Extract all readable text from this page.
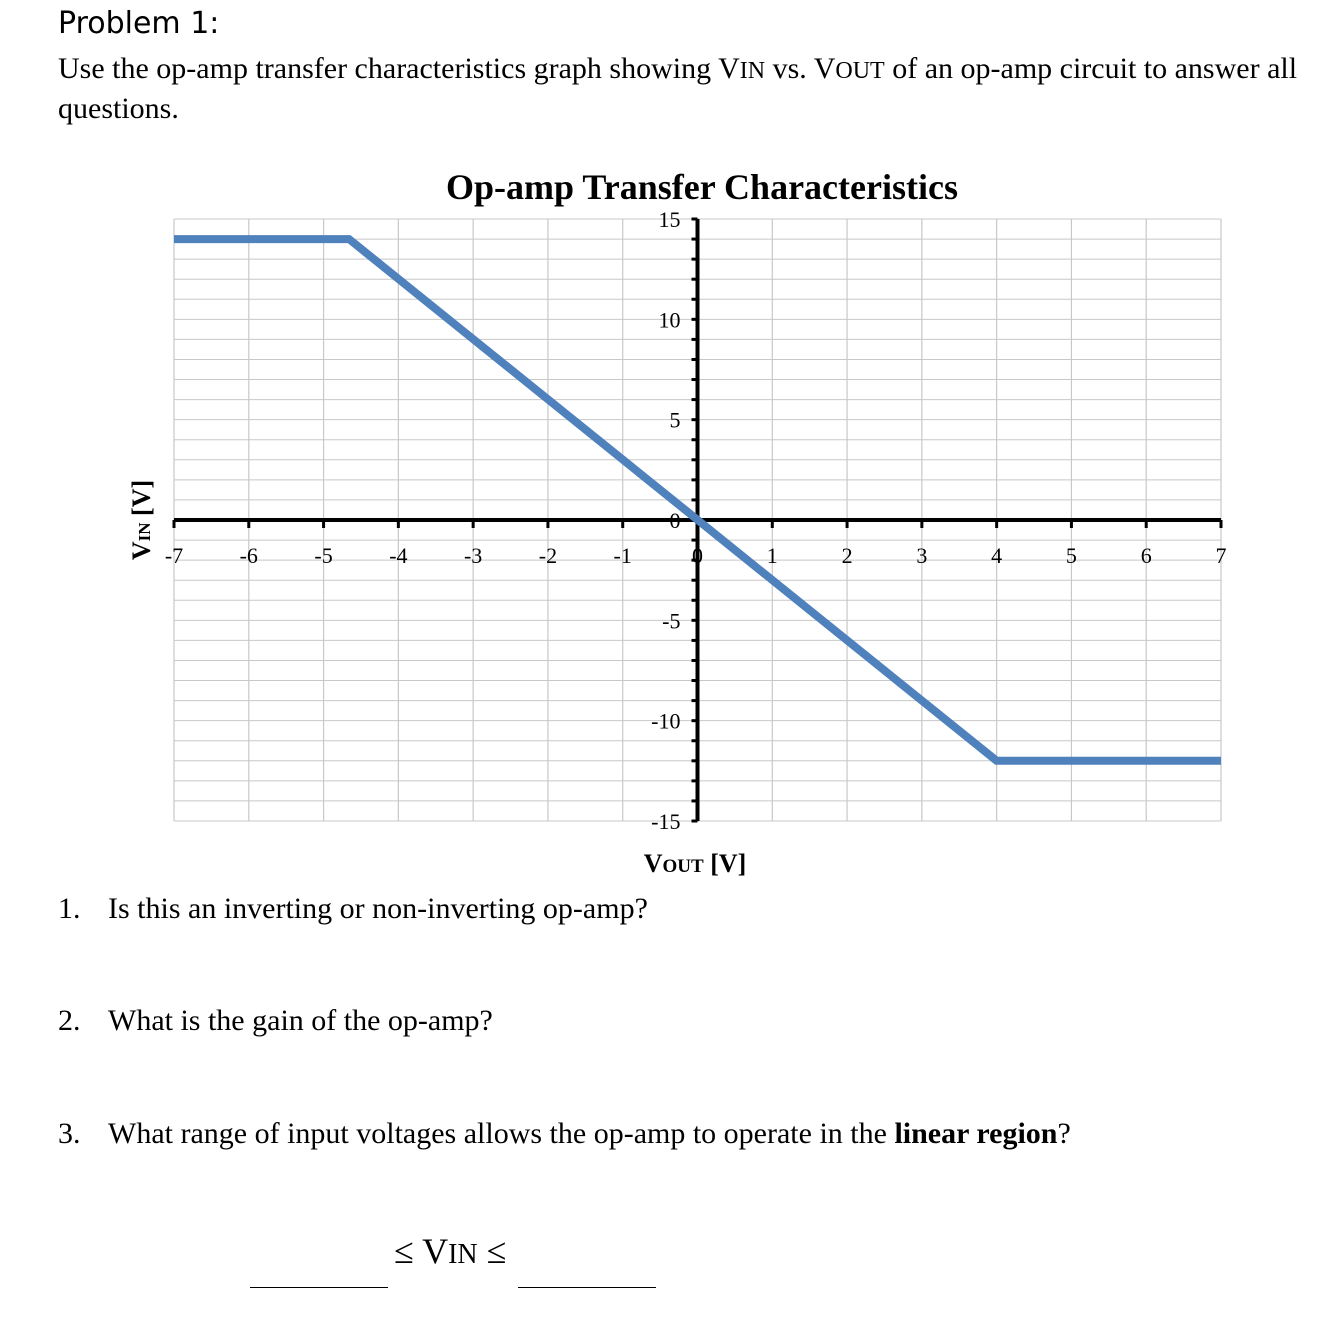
Problem 1:
Use the op-amp transfer characteristics graph showing VIN vs. VOUT of an op-amp circuit to answer all questions.
Op-amp Transfer Characteristics
-7	-6	-5	-4	-3	-2	-1	0	1	2	3	4	5	6	7
15
10
5
0
-5
-10
-15
VOUT [V]
VIN [V]
1. Is this an inverting or non-inverting op-amp?
2. What is the gain of the op-amp?
3. What range of input voltages allows the op-amp to operate in the linear region?
≤ VIN ≤
